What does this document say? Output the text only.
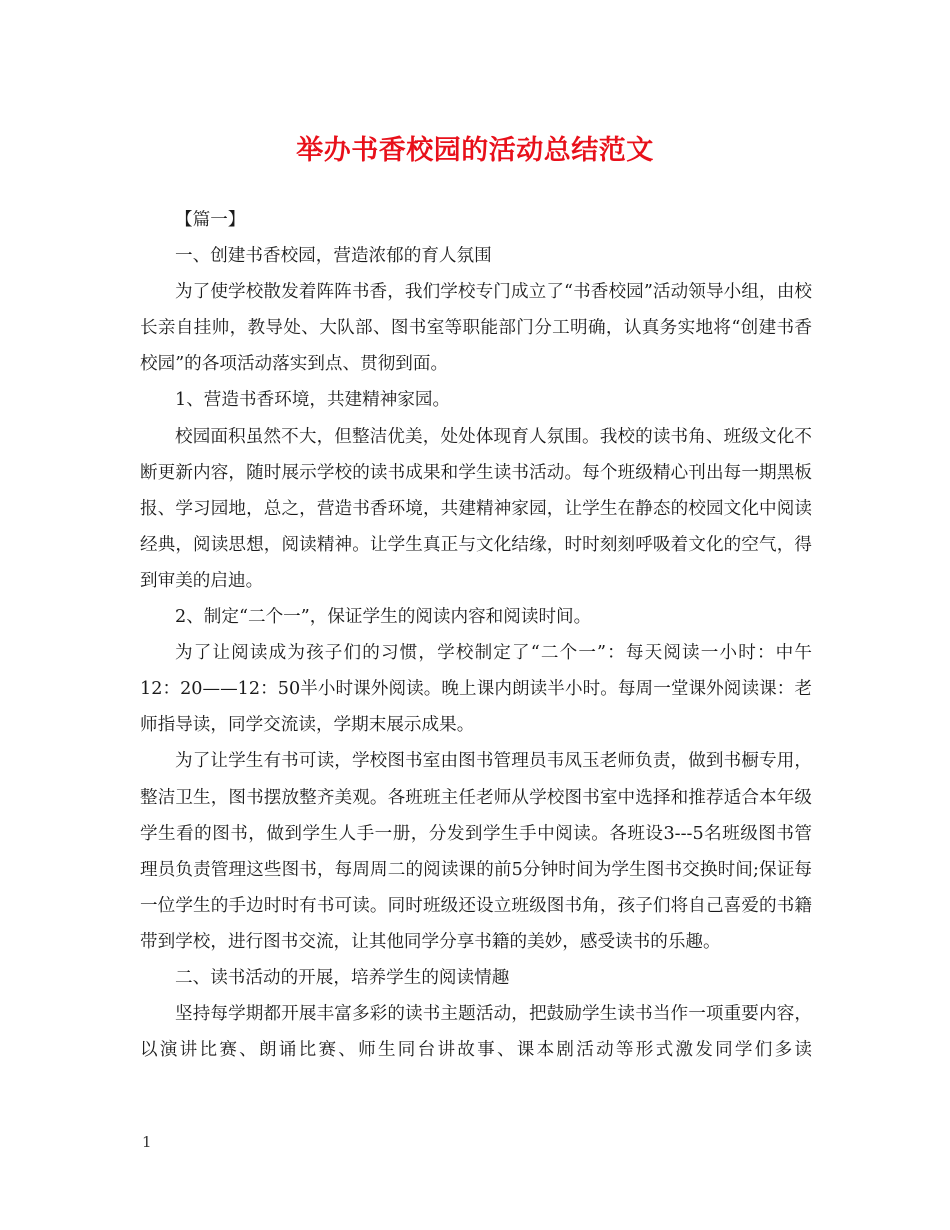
举办书香校园的活动总结范文

【篇一】

一、创建书香校园，营造浓郁的育人氛围

为了使学校散发着阵阵书香，我们学校专门成立了“书香校园”活动领导小组，由校长亲自挂帅，教导处、大队部、图书室等职能部门分工明确，认真务实地将“创建书香校园”的各项活动落实到点、贯彻到面。

1、营造书香环境，共建精神家园。

校园面积虽然不大，但整洁优美，处处体现育人氛围。我校的读书角、班级文化不断更新内容，随时展示学校的读书成果和学生读书活动。每个班级精心刊出每一期黑板报、学习园地，总之，营造书香环境，共建精神家园，让学生在静态的校园文化中阅读经典，阅读思想，阅读精神。让学生真正与文化结缘，时时刻刻呼吸着文化的空气，得到审美的启迪。

2、制定“二个一”，保证学生的阅读内容和阅读时间。

为了让阅读成为孩子们的习惯，学校制定了“二个一”：每天阅读一小时：中午12：20——12：50半小时课外阅读。晚上课内朗读半小时。每周一堂课外阅读课：老师指导读，同学交流读，学期末展示成果。

为了让学生有书可读，学校图书室由图书管理员韦凤玉老师负责，做到书橱专用，整洁卫生，图书摆放整齐美观。各班班主任老师从学校图书室中选择和推荐适合本年级学生看的图书，做到学生人手一册，分发到学生手中阅读。各班设3---5名班级图书管理员负责管理这些图书，每周周二的阅读课的前5分钟时间为学生图书交换时间;保证每一位学生的手边时时有书可读。同时班级还设立班级图书角，孩子们将自己喜爱的书籍带到学校，进行图书交流，让其他同学分享书籍的美妙，感受读书的乐趣。

二、读书活动的开展，培养学生的阅读情趣

坚持每学期都开展丰富多彩的读书主题活动，把鼓励学生读书当作一项重要内容，以演讲比赛、朗诵比赛、师生同台讲故事、课本剧活动等形式激发同学们多读

1
